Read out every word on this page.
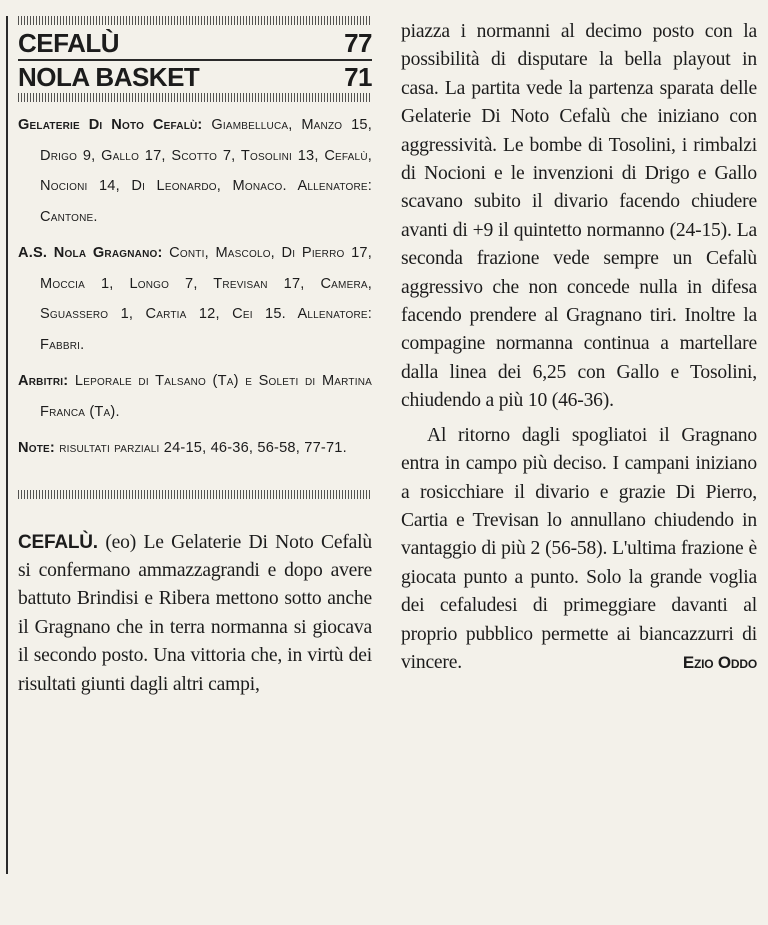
CEFALÙ	77
NOLA BASKET	71

Gelaterie Di Noto Cefalù: Giambelluca, Manzo 15, Drigo 9, Gallo 17, Scotto 7, Tosolini 13, Cefalù, Nocioni 14, Di Leonardo, Monaco. Allenatore: Cantone.

A.S. Nola Gragnano: Conti, Mascolo, Di Pierro 17, Moccia 1, Longo 7, Trevisan 17, Camera, Sguassero 1, Cartia 12, Cei 15. Allenatore: Fabbri.

Arbitri: Leporale di Talsano (Ta) e Soleti di Martina Franca (Ta).

Note: risultati parziali 24-15, 46-36, 56-58, 77-71.

CEFALÙ. (eo) Le Gelaterie Di Noto Cefalù si confermano ammazzagrandi e dopo avere battuto Brindisi e Ribera mettono sotto anche il Gragnano che in terra normanna si giocava il secondo posto. Una vittoria che, in virtù dei risultati giunti dagli altri campi,

piazza i normanni al decimo posto con la possibilità di disputare la bella playout in casa. La partita vede la partenza sparata delle Gelaterie Di Noto Cefalù che iniziano con aggressività. Le bombe di Tosolini, i rimbalzi di Nocioni e le invenzioni di Drigo e Gallo scavano subito il divario facendo chiudere avanti di +9 il quintetto normanno (24-15). La seconda frazione vede sempre un Cefalù aggressivo che non concede nulla in difesa facendo prendere al Gragnano tiri. Inoltre la compagine normanna continua a martellare dalla linea dei 6,25 con Gallo e Tosolini, chiudendo a più 10 (46-36).

Al ritorno dagli spogliatoi il Gragnano entra in campo più deciso. I campani iniziano a rosicchiare il divario e grazie Di Pierro, Cartia e Trevisan lo annullano chiudendo in vantaggio di più 2 (56-58). L'ultima frazione è giocata punto a punto. Solo la grande voglia dei cefaludesi di primeggiare davanti al proprio pubblico permette ai biancazzurri di vincere.	Ezio Oddo
